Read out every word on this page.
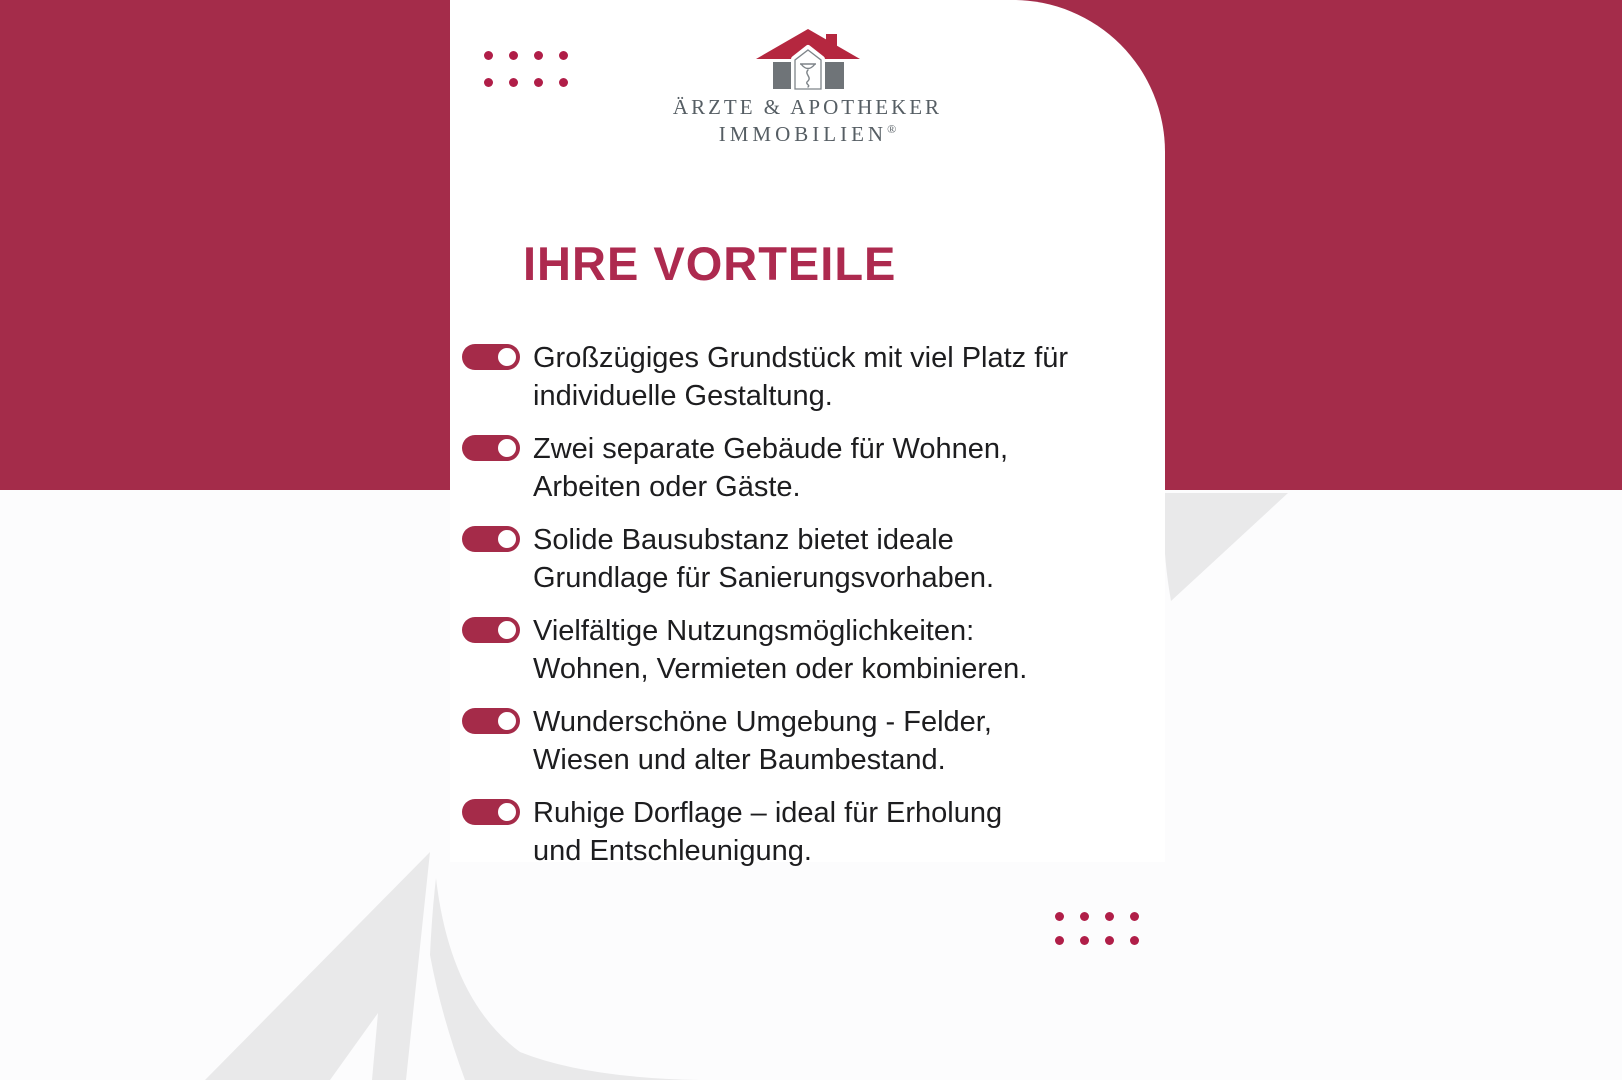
ÄRZTE & APOTHEKER
IMMOBILIEN®
IHRE VORTEILE
Großzügiges Grundstück mit viel Platz für
individuelle Gestaltung.
Zwei separate Gebäude für Wohnen,
Arbeiten oder Gäste.
Solide Bausubstanz bietet ideale
Grundlage für Sanierungsvorhaben.
Vielfältige Nutzungsmöglichkeiten:
Wohnen, Vermieten oder kombinieren.
Wunderschöne Umgebung - Felder,
Wiesen und alter Baumbestand.
Ruhige Dorflage – ideal für Erholung
und Entschleunigung.
